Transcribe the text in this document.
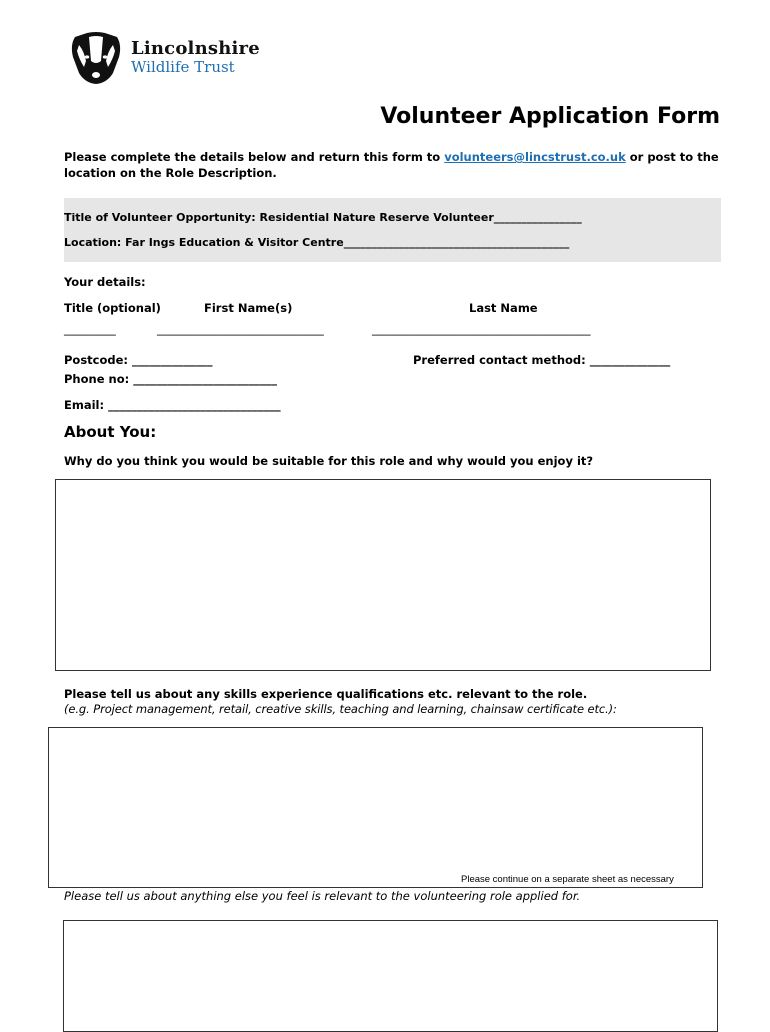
Lincolnshire
Wildlife Trust
Volunteer Application Form
Please complete the details below and return this form to volunteers@lincstrust.co.uk or post to the location on the Role Description.
Title of Volunteer Opportunity: Residential Nature Reserve Volunteer________________
Location: Far Ings Education & Visitor Centre_________________________________________
Your details:
Title (optional)	First Name(s)	Last Name
_________	_____________________________	______________________________________
Postcode: ______________	Preferred contact method: ______________
Phone no: _________________________
Email: ______________________________
About You:
Why do you think you would be suitable for this role and why would you enjoy it?
Please tell us about any skills experience qualifications etc. relevant to the role.
(e.g. Project management, retail, creative skills, teaching and learning, chainsaw certificate etc.):
Please continue on a separate sheet as necessary
Please tell us about anything else you feel is relevant to the volunteering role applied for.
